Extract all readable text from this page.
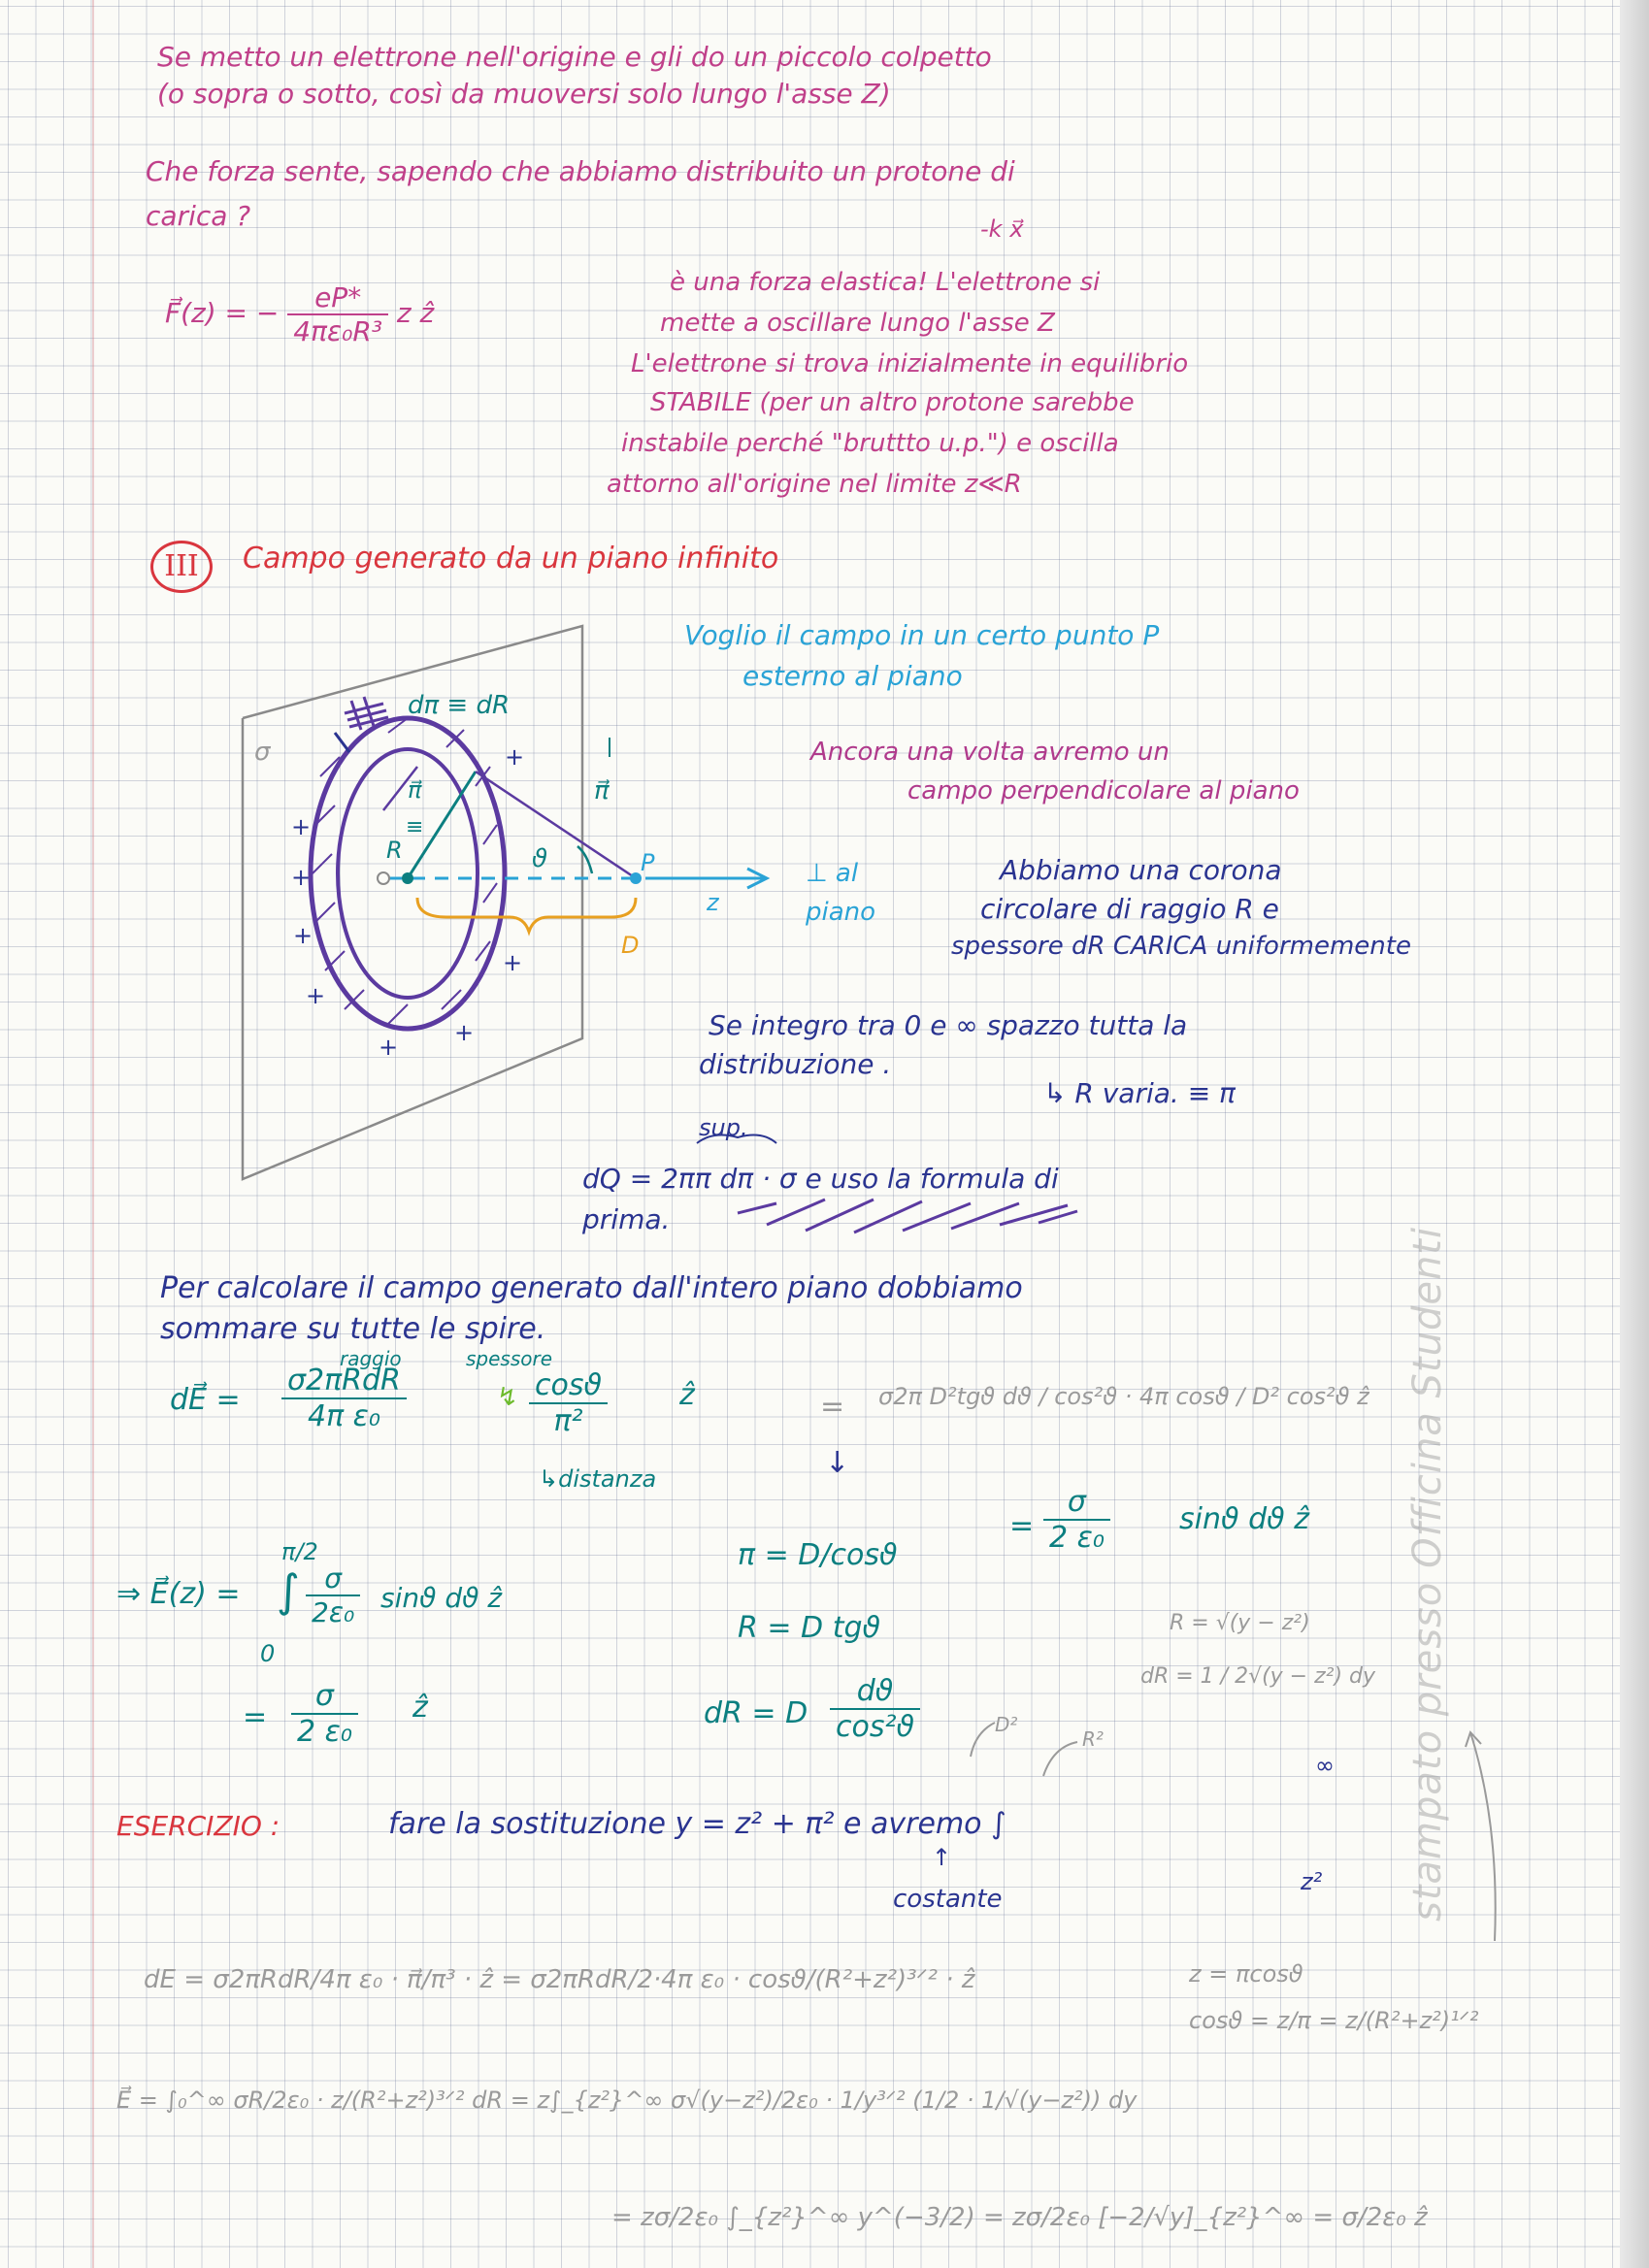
Se metto un elettrone nell'origine e gli do un piccolo colpetto
(o sopra o sotto, così da muoversi solo lungo l'asse Z)
Che forza sente, sapendo che abbiamo distribuito un protone di
carica ?	-k x⃗
F⃗(z) = − $\frac{eP*}{\text{4πε₀R³}}$ z ẑ
è una forza elastica! L'elettrone si
mette a oscillare lungo l'asse Z
L'elettrone si trova inizialmente in equilibrio
STABILE (per un altro protone sarebbe
instabile perché "bruttto u.p.") e oscilla
attorno all'origine nel limite z≪R
III	Campo generato da un piano infinito
σ
dπ ≡ dR
π⃗
R
≡
ϑ	P
z
D
π⃗
⊥ al
piano
+
+
+
+
+
+
+
+
Voglio il campo in un certo punto P
esterno al piano
Ancora una volta avremo un
campo perpendicolare al piano
Abbiamo una corona
circolare di raggio R e
spessore dR CARICA uniformemente
Se integro tra 0 e ∞ spazzo tutta la
distribuzione .
↳ R varia. ≡ π
sup.
dQ = 2ππ dπ · σ e uso la formula di
prima.
Per calcolare il campo generato dall'intero piano dobbiamo
sommare su tutte le spire.
dE⃗ = $\frac{\text{σ2πRdR}}{\text{4π ε₀}}$
raggio	spessore
$\frac{\cos ϑ}{\text{π²}}$
↯
↳distanza
ẑ	= σ2π D²tgϑ dϑ / cos²ϑ · 4π cosϑ / D² cos²ϑ ẑ
↓
= $\frac{\sigma}{\text{2 ε₀}}$ sinϑ dϑ ẑ
π = D/cosϑ
R = D tgϑ
dR = D $\frac{dϑ}{\text{cos²ϑ}}$
⇒ E⃗(z) =
π/2
∫
0
$\frac{\sigma}{\text{2ε₀}}$ sinϑ dϑ ẑ
= $\frac{\sigma}{\text{2 ε₀}}$ ẑ
R = √(y − z²)
dR = 1 / 2√(y − z²) dy
D²
R²
ESERCIZIO :	fare la sostituzione y = z² + π² e avremo ∫
∞
z²
↑
costante
dE = σ2πRdR/4π ε₀ · π⃗/π³ · ẑ = σ2πRdR/2·4π ε₀ · cosϑ/(R²+z²)³ᐟ² · ẑ	z = πcosϑ
cosϑ = z/π = z/(R²+z²)¹ᐟ²
E⃗ = ∫₀^∞ σR/2ε₀ · z/(R²+z²)³ᐟ² dR = z∫_{z²}^∞ σ√(y−z²)/2ε₀ · 1/y³ᐟ² (1/2 · 1/√(y−z²)) dy
= zσ/2ε₀ ∫_{z²}^∞ y^(−3/2) = zσ/2ε₀ [−2/√y]_{z²}^∞ = σ/2ε₀ ẑ
stampato presso Officina Studenti
